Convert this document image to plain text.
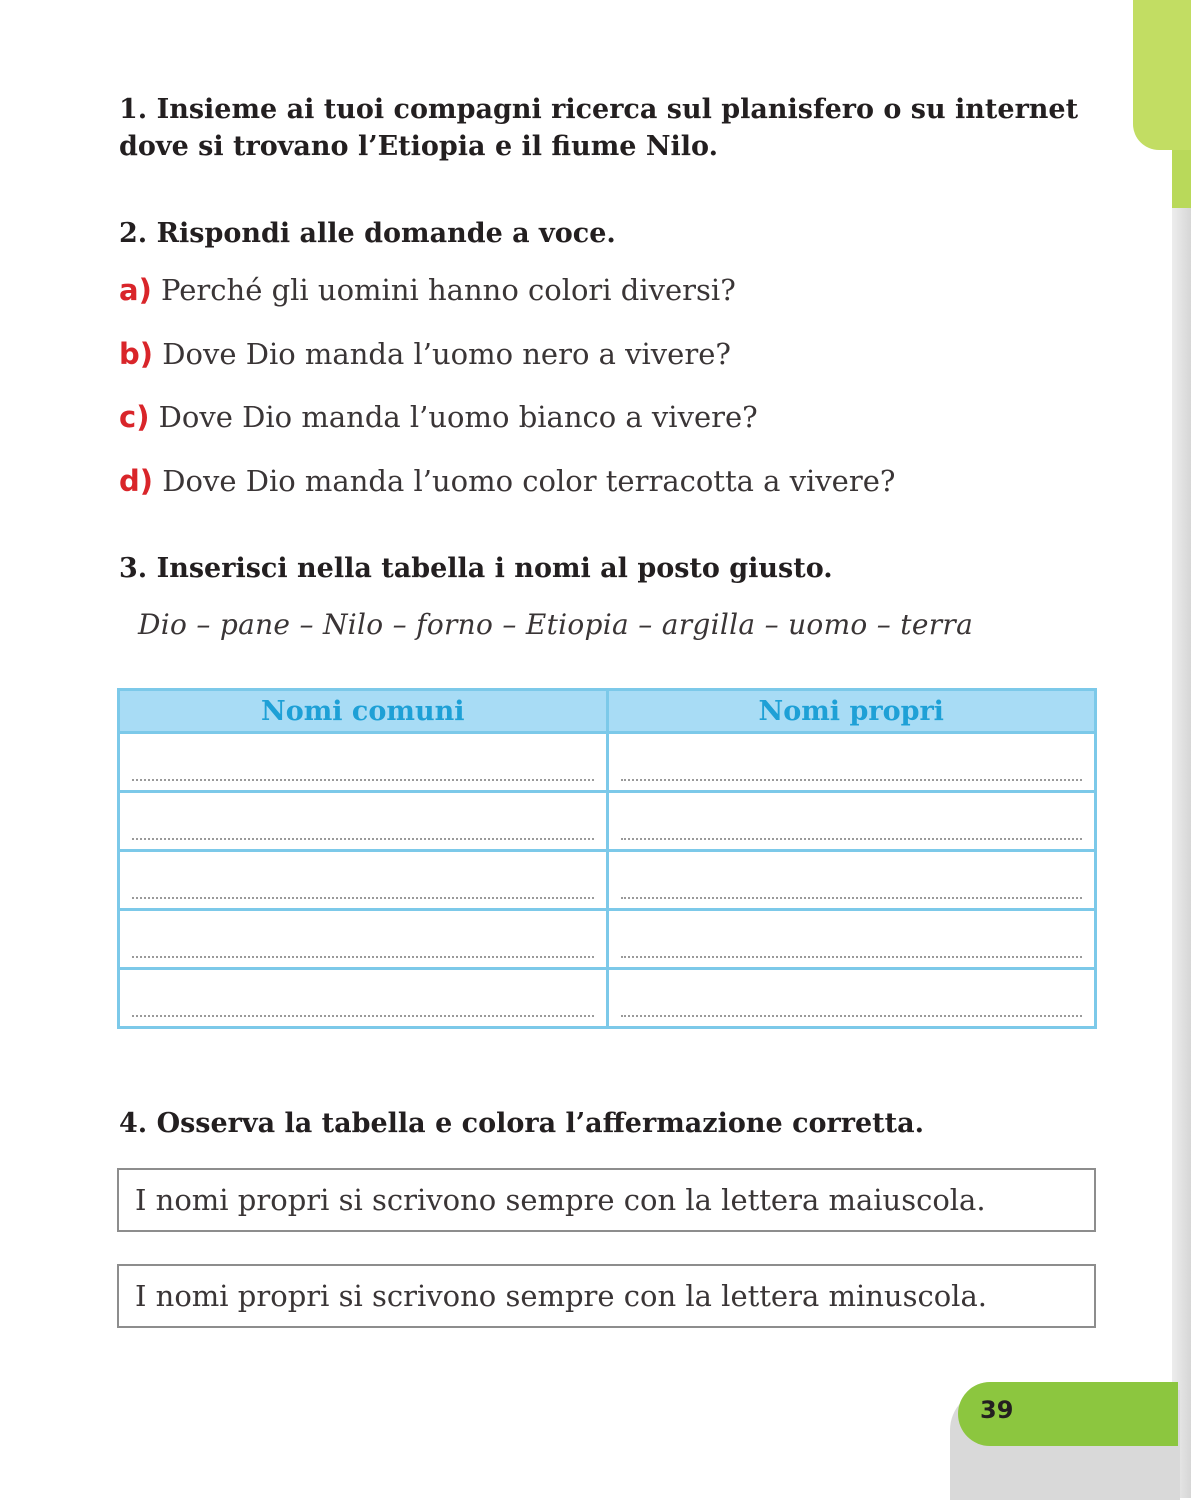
1. Insieme ai tuoi compagni ricerca sul planisfero o su internet
dove si trovano l’Etiopia e il fiume Nilo.
2. Rispondi alle domande a voce.
a) Perché gli uomini hanno colori diversi?
b) Dove Dio manda l’uomo nero a vivere?
c) Dove Dio manda l’uomo bianco a vivere?
d) Dove Dio manda l’uomo color terracotta a vivere?
3. Inserisci nella tabella i nomi al posto giusto.
Dio – pane – Nilo – forno – Etiopia – argilla – uomo – terra
Nomi comuni	Nomi propri

4. Osserva la tabella e colora l’affermazione corretta.
I nomi propri si scrivono sempre con la lettera maiuscola.
I nomi propri si scrivono sempre con la lettera minuscola.
39
